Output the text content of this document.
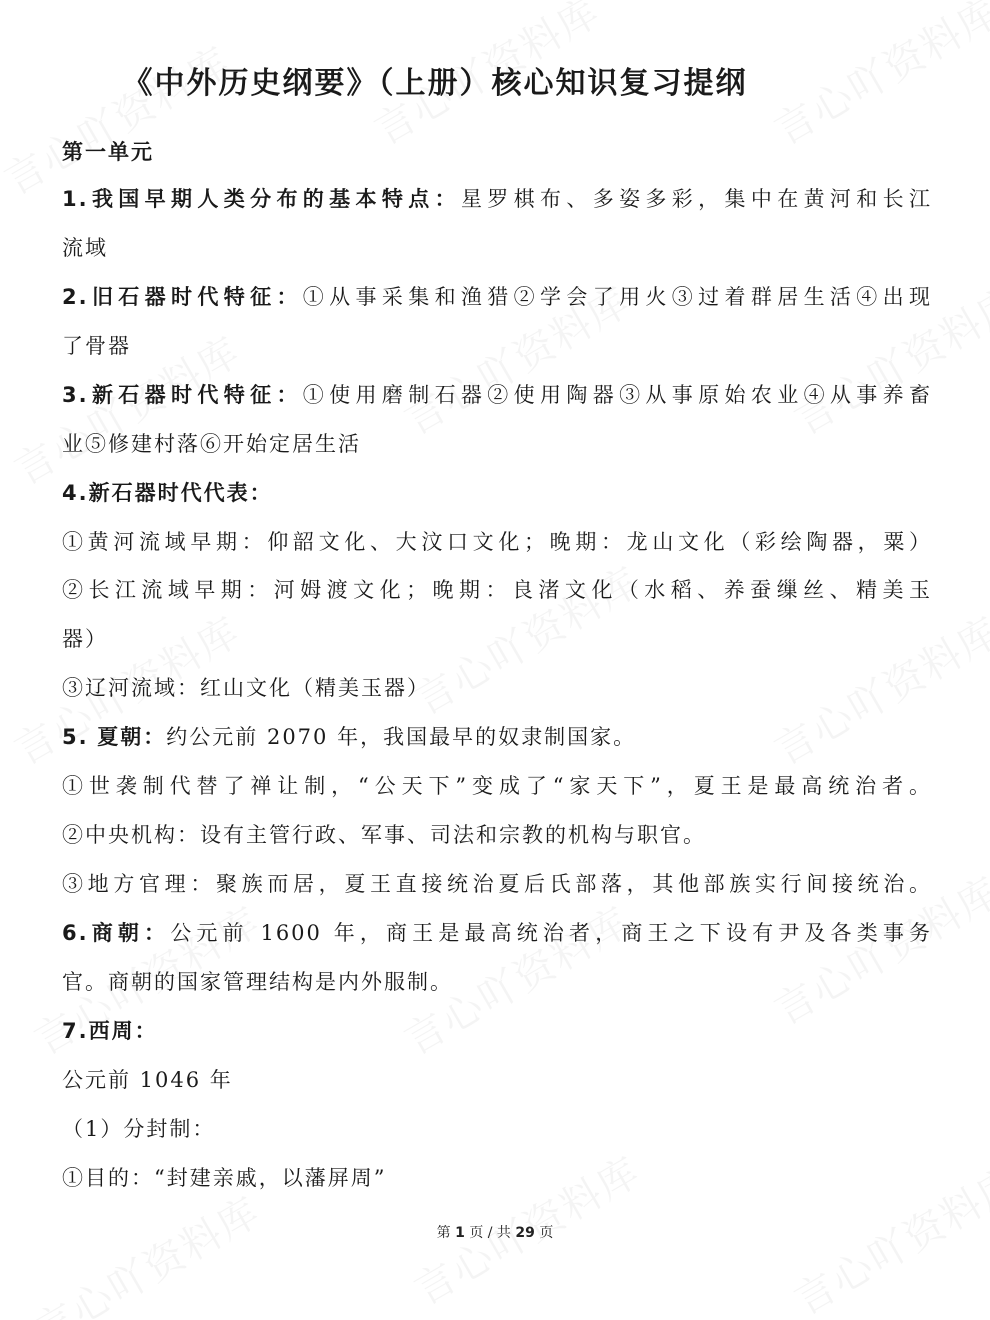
《中外历史纲要》（上册）核心知识复习提纲
第一单元
1.我国早期人类分布的基本特点：星罗棋布、多姿多彩，集中在黄河和长江
流域
2.旧石器时代特征：①从事采集和渔猎②学会了用火③过着群居生活④出现
了骨器
3.新石器时代特征：①使用磨制石器②使用陶器③从事原始农业④从事养畜
业⑤修建村落⑥开始定居生活
4.新石器时代代表：
①黄河流域早期：仰韶文化、大汶口文化；晚期：龙山文化（彩绘陶器，粟）
②长江流域早期：河姆渡文化；晚期：良渚文化（水稻、养蚕缫丝、精美玉
器）
③辽河流域：红山文化（精美玉器）
5. 夏朝：约公元前 2070 年，我国最早的奴隶制国家。
①世袭制代替了禅让制，“公天下”变成了“家天下”，夏王是最高统治者。
②中央机构：设有主管行政、军事、司法和宗教的机构与职官。
③地方官理：聚族而居，夏王直接统治夏后氏部落，其他部族实行间接统治。
6.商朝：公元前 1600 年，商王是最高统治者，商王之下设有尹及各类事务
官。商朝的国家管理结构是内外服制。
7.西周：
公元前 1046 年
（1）分封制：
①目的：“封建亲戚，以藩屏周”
第 1 页 / 共 29 页
